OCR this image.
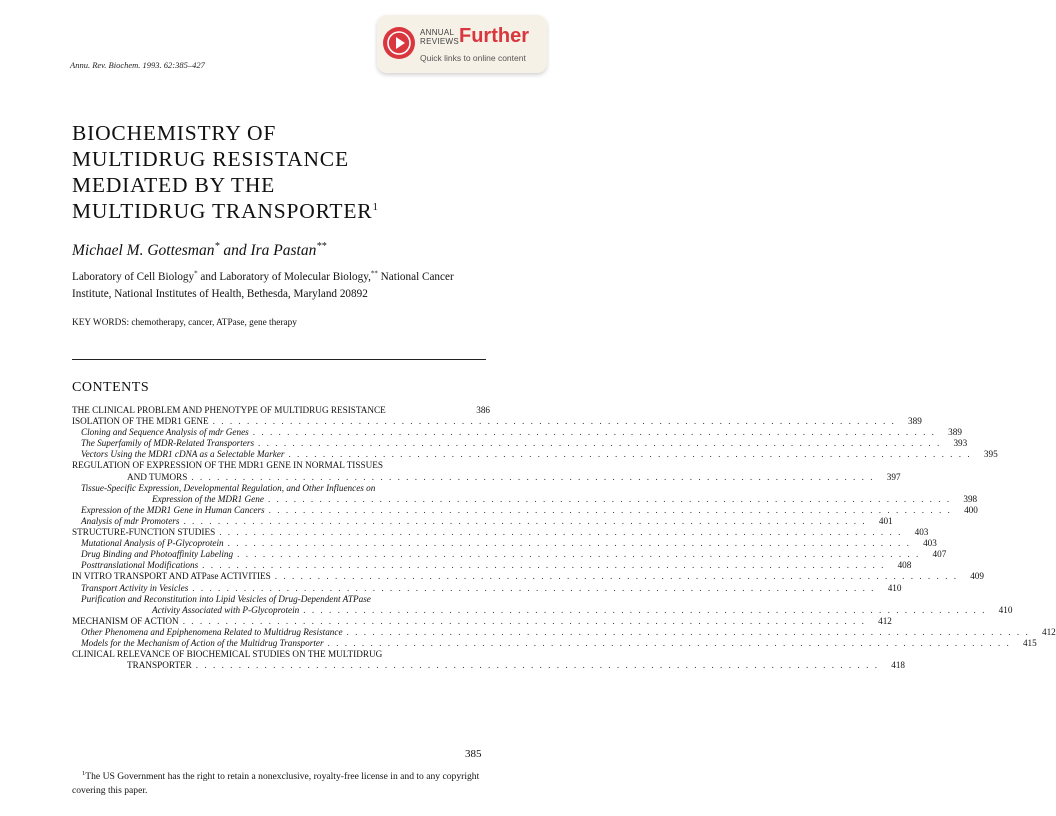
ANNUAL
REVIEWS Further
Quick links to online content
Annu. Rev. Biochem. 1993. 62:385–427
BIOCHEMISTRY OF
MULTIDRUG RESISTANCE
MEDIATED BY THE
MULTIDRUG TRANSPORTER$^1$
Michael M. Gottesman* and Ira Pastan**
Laboratory of Cell Biology* and Laboratory of Molecular Biology,** National Cancer Institute, National Institutes of Health, Bethesda, Maryland 20892
KEY WORDS: chemotherapy, cancer, ATPase, gene therapy
CONTENTS
THE CLINICAL PROBLEM AND PHENOTYPE OF MULTIDRUG RESISTANCE	386
ISOLATION OF THE MDR1 GENE . . . . . . . . . . . . . . . . . . . . . . . . . . . . . . . . . . . . . . . . . . . . . . . . . . . . . . . . . . . . . . . . . . . . . . . . . . . . . . . .	389
Cloning and Sequence Analysis of mdr Genes . . . . . . . . . . . . . . . . . . . . . . . . . . . . . . . . . . . . . . . . . . . . . . . . . . . . . . . . . . . . . . . . . . . . . . . . . . . . . . . .	389
The Superfamily of MDR-Related Transporters . . . . . . . . . . . . . . . . . . . . . . . . . . . . . . . . . . . . . . . . . . . . . . . . . . . . . . . . . . . . . . . . . . . . . . . . . . . . . . . .	393
Vectors Using the MDR1 cDNA as a Selectable Marker . . . . . . . . . . . . . . . . . . . . . . . . . . . . . . . . . . . . . . . . . . . . . . . . . . . . . . . . . . . . . . . . . . . . . . . . . . . . . . . .	395
REGULATION OF EXPRESSION OF THE MDR1 GENE IN NORMAL TISSUES
AND TUMORS . . . . . . . . . . . . . . . . . . . . . . . . . . . . . . . . . . . . . . . . . . . . . . . . . . . . . . . . . . . . . . . . . . . . . . . . . . . . . . . .	397
Tissue-Specific Expression, Developmental Regulation, and Other Influences on
Expression of the MDR1 Gene . . . . . . . . . . . . . . . . . . . . . . . . . . . . . . . . . . . . . . . . . . . . . . . . . . . . . . . . . . . . . . . . . . . . . . . . . . . . . . . .	398
Expression of the MDR1 Gene in Human Cancers . . . . . . . . . . . . . . . . . . . . . . . . . . . . . . . . . . . . . . . . . . . . . . . . . . . . . . . . . . . . . . . . . . . . . . . . . . . . . . . .	400
Analysis of mdr Promoters . . . . . . . . . . . . . . . . . . . . . . . . . . . . . . . . . . . . . . . . . . . . . . . . . . . . . . . . . . . . . . . . . . . . . . . . . . . . . . . .	401
STRUCTURE-FUNCTION STUDIES . . . . . . . . . . . . . . . . . . . . . . . . . . . . . . . . . . . . . . . . . . . . . . . . . . . . . . . . . . . . . . . . . . . . . . . . . . . . . . . .	403
Mutational Analysis of P-Glycoprotein . . . . . . . . . . . . . . . . . . . . . . . . . . . . . . . . . . . . . . . . . . . . . . . . . . . . . . . . . . . . . . . . . . . . . . . . . . . . . . . .	403
Drug Binding and Photoaffinity Labeling . . . . . . . . . . . . . . . . . . . . . . . . . . . . . . . . . . . . . . . . . . . . . . . . . . . . . . . . . . . . . . . . . . . . . . . . . . . . . . . .	407
Posttranslational Modifications . . . . . . . . . . . . . . . . . . . . . . . . . . . . . . . . . . . . . . . . . . . . . . . . . . . . . . . . . . . . . . . . . . . . . . . . . . . . . . . .	408
IN VITRO TRANSPORT AND ATPase ACTIVITIES . . . . . . . . . . . . . . . . . . . . . . . . . . . . . . . . . . . . . . . . . . . . . . . . . . . . . . . . . . . . . . . . . . . . . . . . . . . . . . . .	409
Transport Activity in Vesicles . . . . . . . . . . . . . . . . . . . . . . . . . . . . . . . . . . . . . . . . . . . . . . . . . . . . . . . . . . . . . . . . . . . . . . . . . . . . . . . .	410
Purification and Reconstitution into Lipid Vesicles of Drug-Dependent ATPase
Activity Associated with P-Glycoprotein . . . . . . . . . . . . . . . . . . . . . . . . . . . . . . . . . . . . . . . . . . . . . . . . . . . . . . . . . . . . . . . . . . . . . . . . . . . . . . . .	410
MECHANISM OF ACTION . . . . . . . . . . . . . . . . . . . . . . . . . . . . . . . . . . . . . . . . . . . . . . . . . . . . . . . . . . . . . . . . . . . . . . . . . . . . . . . .	412
Other Phenomena and Epiphenomena Related to Multidrug Resistance . . . . . . . . . . . . . . . . . . . . . . . . . . . . . . . . . . . . . . . . . . . . . . . . . . . . . . . . . . . . . . . . . . . . . . . . . . . . . . . .	412
Models for the Mechanism of Action of the Multidrug Transporter . . . . . . . . . . . . . . . . . . . . . . . . . . . . . . . . . . . . . . . . . . . . . . . . . . . . . . . . . . . . . . . . . . . . . . . . . . . . . . . .	415
CLINICAL RELEVANCE OF BIOCHEMICAL STUDIES ON THE MULTIDRUG
TRANSPORTER . . . . . . . . . . . . . . . . . . . . . . . . . . . . . . . . . . . . . . . . . . . . . . . . . . . . . . . . . . . . . . . . . . . . . . . . . . . . . . . .	418
385
$^1$The US Government has the right to retain a nonexclusive, royalty-free license in and to any copyright covering this paper.
